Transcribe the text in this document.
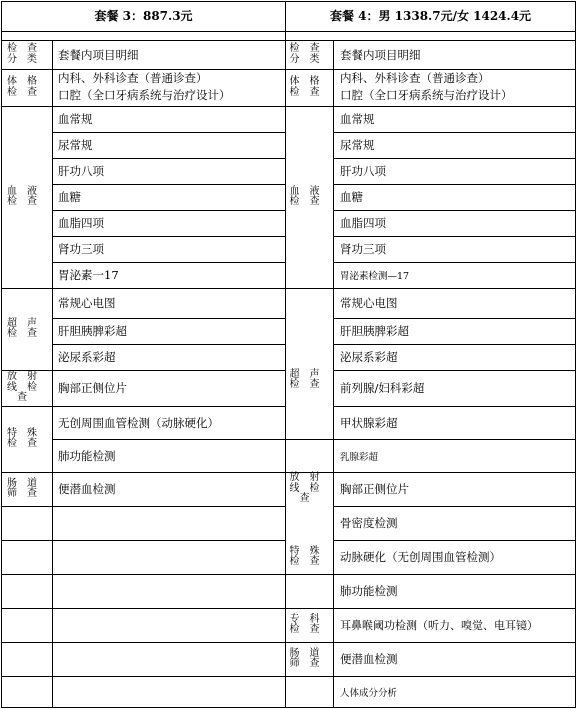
套餐 3：887.3元	套餐 4：男 1338.7元/女 1424.4元
检查分类 套餐内项目明细
体格检查
血液检查
超声检查
放射线检查
特殊检查
肠道筛查
内科、外科诊查（普通诊查）
口腔（全口牙病系统与治疗设计）
血常规
尿常规
肝功八项
血糖
血脂四项
肾功三项
胃泌素一17
常规心电图
肝胆胰脾彩超
泌尿系彩超
胸部正侧位片
无创周围血管检测（动脉硬化）
肺功能检测
便潜血检测
检查分类 套餐内项目明细
体格检查
血液检查
超声检查
放射线检查
特殊检查
专科检查
肠道筛查
内科、外科诊查（普通诊查）
口腔（全口牙病系统与治疗设计）
血常规
尿常规
肝功八项
血糖
血脂四项
肾功三项
胃泌素检测—17
常规心电图
肝胆胰脾彩超
泌尿系彩超
前列腺/妇科彩超
甲状腺彩超
乳腺彩超
胸部正侧位片
骨密度检测
动脉硬化（无创周围血管检测）
肺功能检测
耳鼻喉阈功检测（听力、嗅觉、电耳镜）
便潜血检测
人体成分分析
